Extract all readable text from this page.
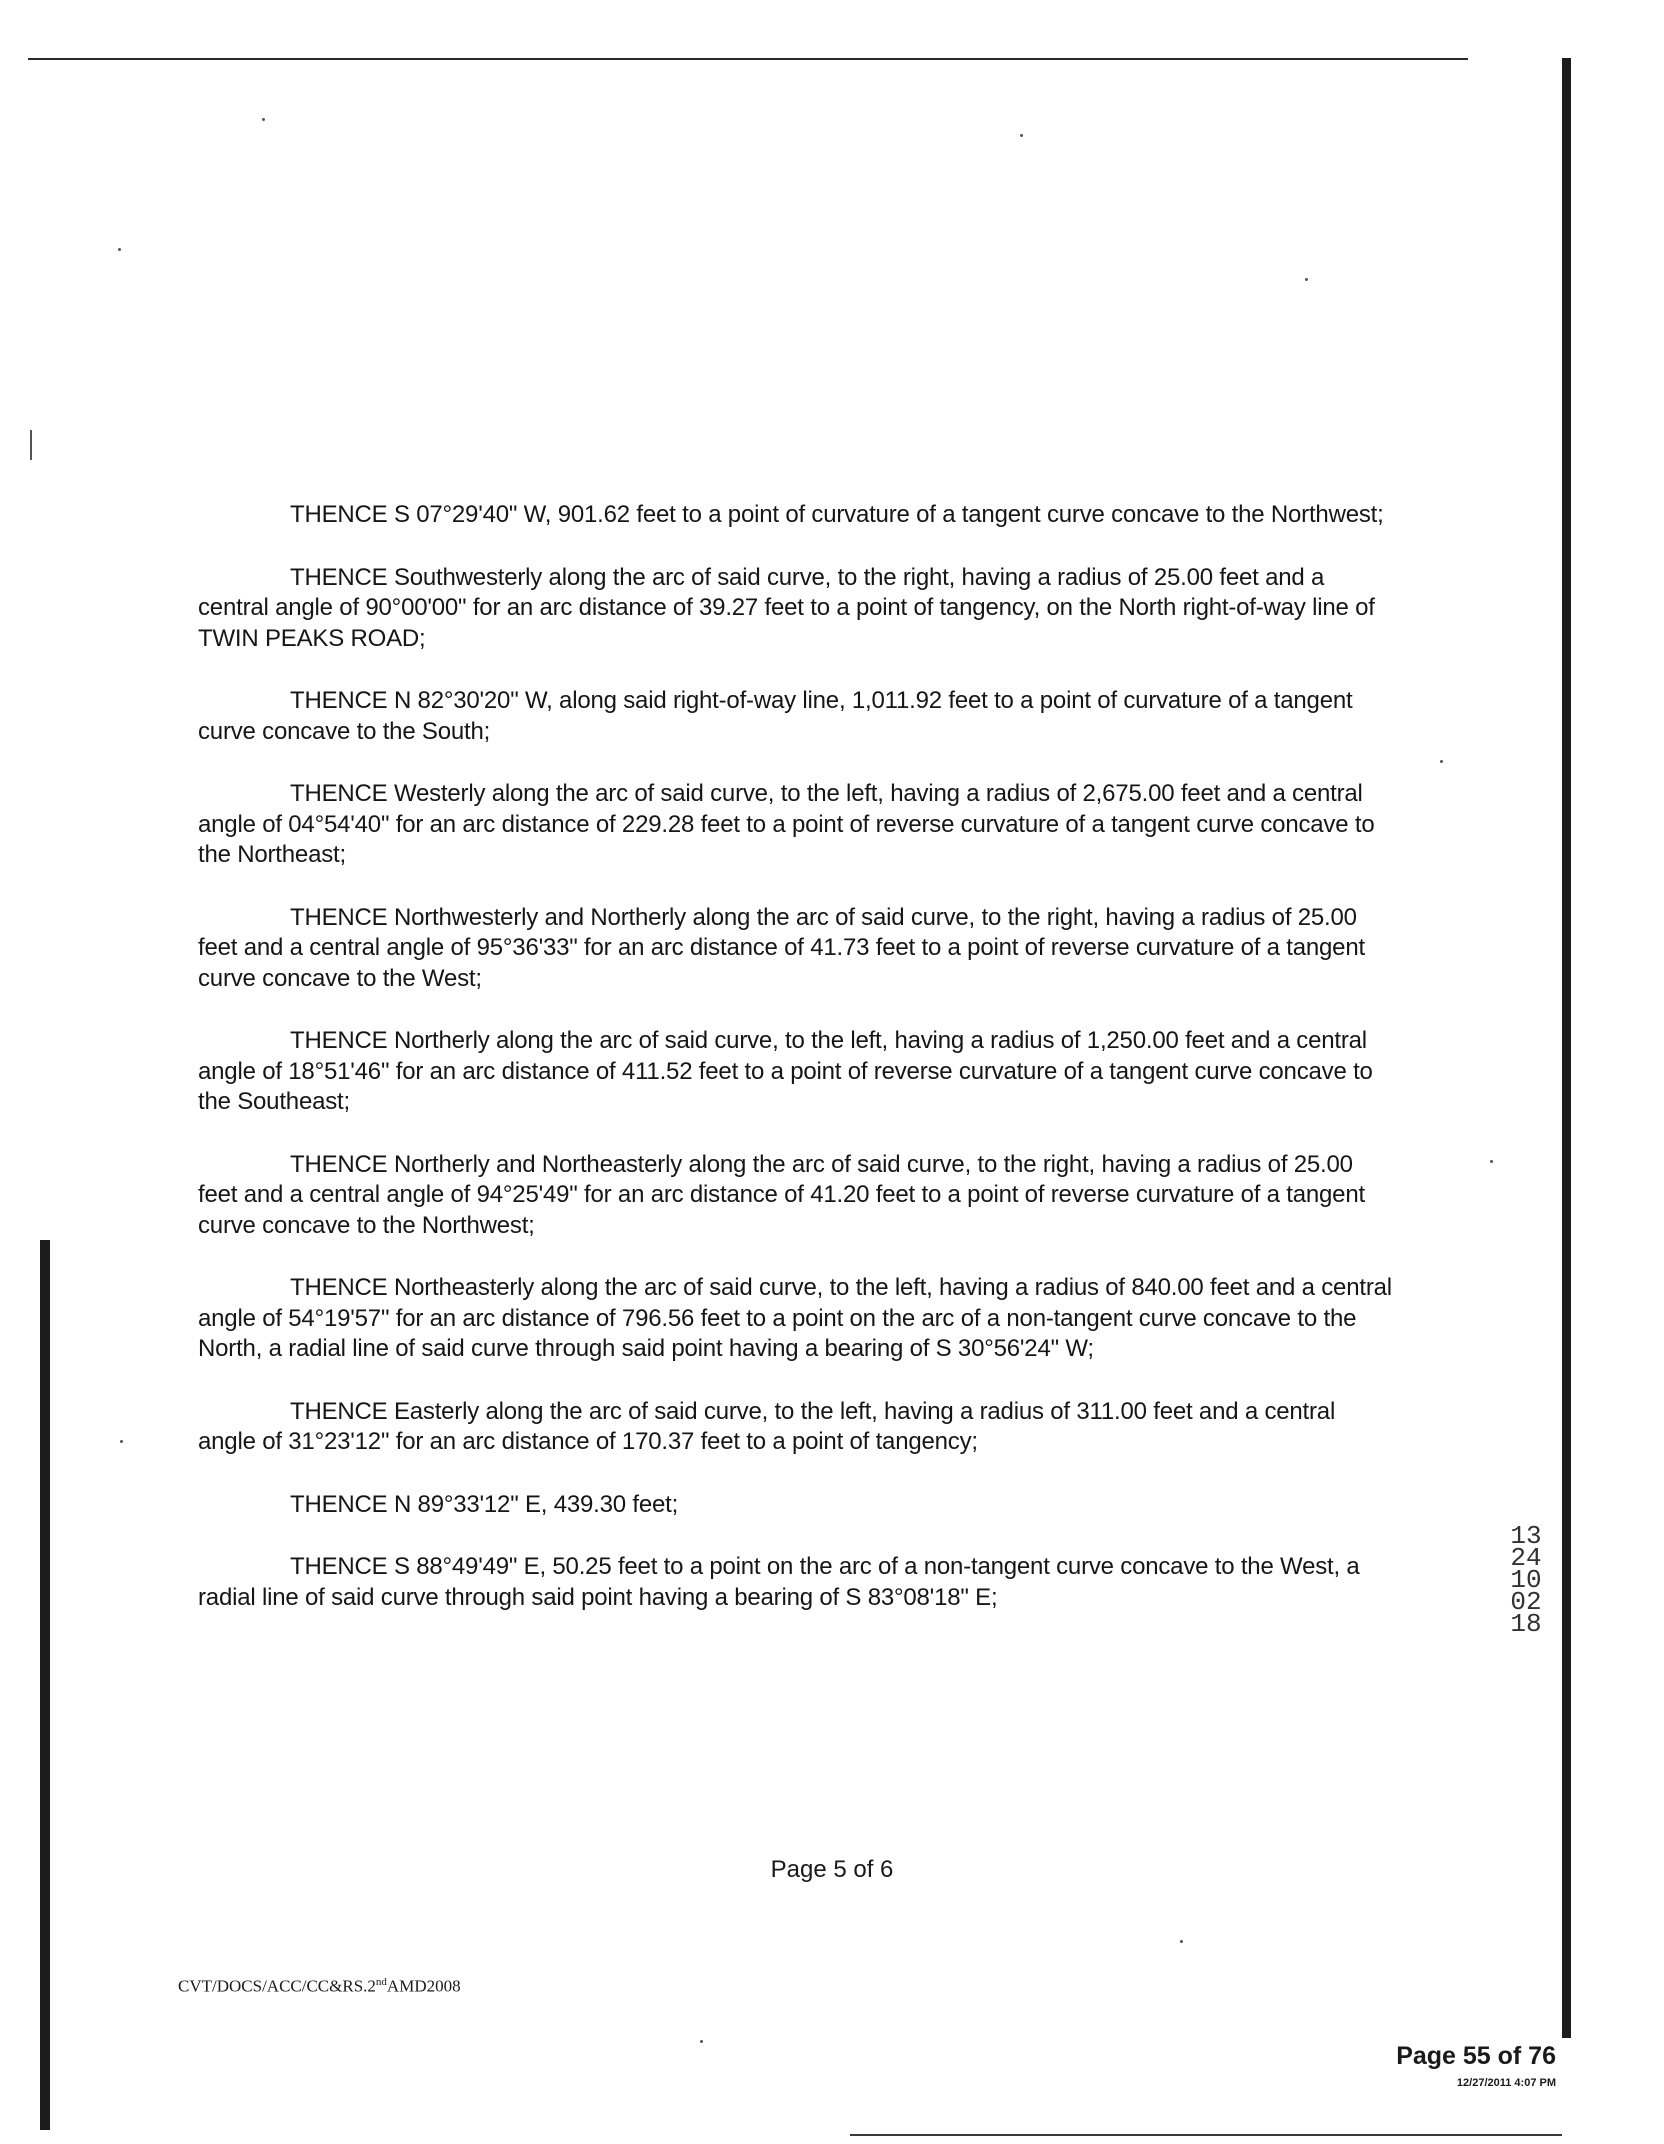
THENCE S 07°29'40" W, 901.62 feet to a point of curvature of a tangent curve concave to the Northwest;

THENCE Southwesterly along the arc of said curve, to the right, having a radius of 25.00 feet and a central angle of 90°00'00" for an arc distance of 39.27 feet to a point of tangency, on the North right-of-way line of TWIN PEAKS ROAD;

THENCE N 82°30'20" W, along said right-of-way line, 1,011.92 feet to a point of curvature of a tangent curve concave to the South;

THENCE Westerly along the arc of said curve, to the left, having a radius of 2,675.00 feet and a central angle of 04°54'40" for an arc distance of 229.28 feet to a point of reverse curvature of a tangent curve concave to the Northeast;

THENCE Northwesterly and Northerly along the arc of said curve, to the right, having a radius of 25.00 feet and a central angle of 95°36'33" for an arc distance of 41.73 feet to a point of reverse curvature of a tangent curve concave to the West;

THENCE Northerly along the arc of said curve, to the left, having a radius of 1,250.00 feet and a central angle of 18°51'46" for an arc distance of 411.52 feet to a point of reverse curvature of a tangent curve concave to the Southeast;

THENCE Northerly and Northeasterly along the arc of said curve, to the right, having a radius of 25.00 feet and a central angle of 94°25'49" for an arc distance of 41.20 feet to a point of reverse curvature of a tangent curve concave to the Northwest;

THENCE Northeasterly along the arc of said curve, to the left, having a radius of 840.00 feet and a central angle of 54°19'57" for an arc distance of 796.56 feet to a point on the arc of a non-tangent curve concave to the North, a radial line of said curve through said point having a bearing of S 30°56'24" W;

THENCE Easterly along the arc of said curve, to the left, having a radius of 311.00 feet and a central angle of 31°23'12" for an arc distance of 170.37 feet to a point of tangency;

THENCE N 89°33'12" E, 439.30 feet;

THENCE S 88°49'49" E, 50.25 feet to a point on the arc of a non-tangent curve concave to the West, a radial line of said curve through said point having a bearing of S 83°08'18" E;

Page 5 of 6
CVT/DOCS/ACC/CC&RS.2ndAMD2008
1324100218
Page 55 of 76
12/27/2011 4:07 PM
